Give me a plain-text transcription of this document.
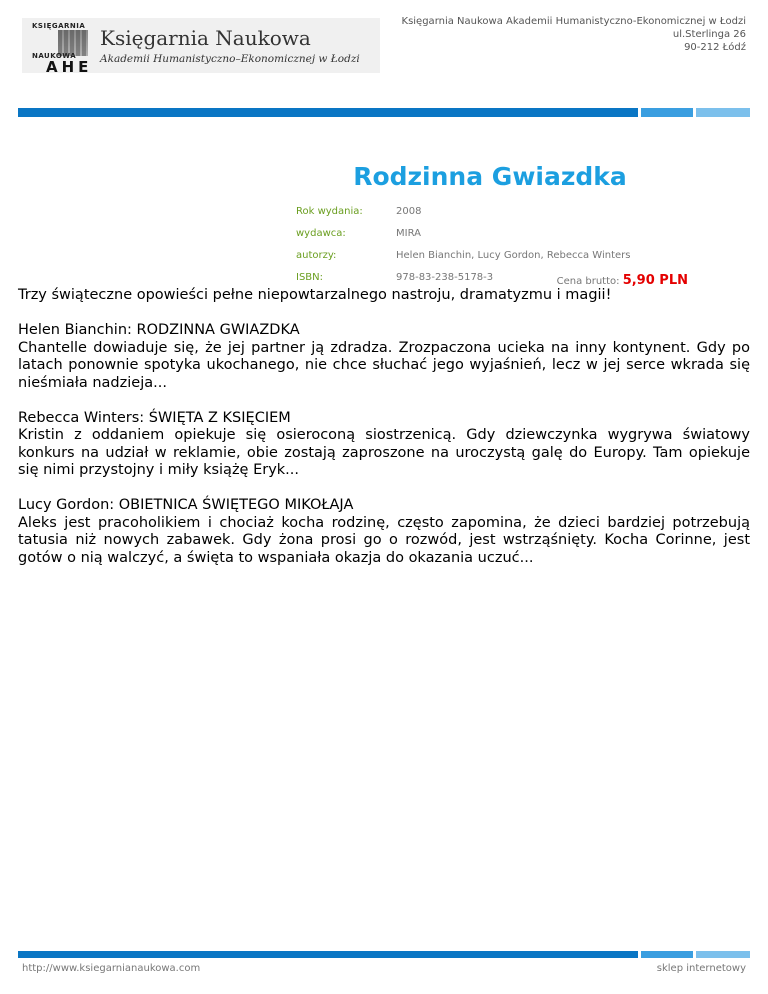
KSIĘGARNIA
NAUKOWA
AHE
Księgarnia Naukowa
Akademii Humanistyczno–Ekonomicznej w Łodzi
Księgarnia Naukowa Akademii Humanistyczno-Ekonomicznej w Łodzi
ul.Sterlinga 26
90-212 Łódź
Rodzinna Gwiazdka
Rok wydania:	2008
wydawca:	MIRA
autorzy:	Helen Bianchin, Lucy Gordon, Rebecca Winters
ISBN:	978-83-238-5178-3	Cena brutto: 5,90 PLN

Trzy świąteczne opowieści pełne niepowtarzalnego nastroju, dramatyzmu i magii!

Helen Bianchin: RODZINNA GWIAZDKA

Chantelle dowiaduje się, że jej partner ją zdradza. Zrozpaczona ucieka na inny kontynent. Gdy po latach ponownie spotyka ukochanego, nie chce słuchać jego wyjaśnień, lecz w jej serce wkrada się nieśmiała nadzieja...

Rebecca Winters: ŚWIĘTA Z KSIĘCIEM

Kristin z oddaniem opiekuje się osieroconą siostrzenicą. Gdy dziewczynka wygrywa światowy konkurs na udział w reklamie, obie zostają zaproszone na uroczystą galę do Europy. Tam opiekuje się nimi przystojny i miły książę Eryk...

Lucy Gordon: OBIETNICA ŚWIĘTEGO MIKOŁAJA

Aleks jest pracoholikiem i chociaż kocha rodzinę, często zapomina, że dzieci bardziej potrzebują tatusia niż nowych zabawek. Gdy żona prosi go o rozwód, jest wstrząśnięty. Kocha Corinne, jest gotów o nią walczyć, a święta to wspaniała okazja do okazania uczuć...

http://www.ksiegarnianaukowa.com	sklep internetowy
